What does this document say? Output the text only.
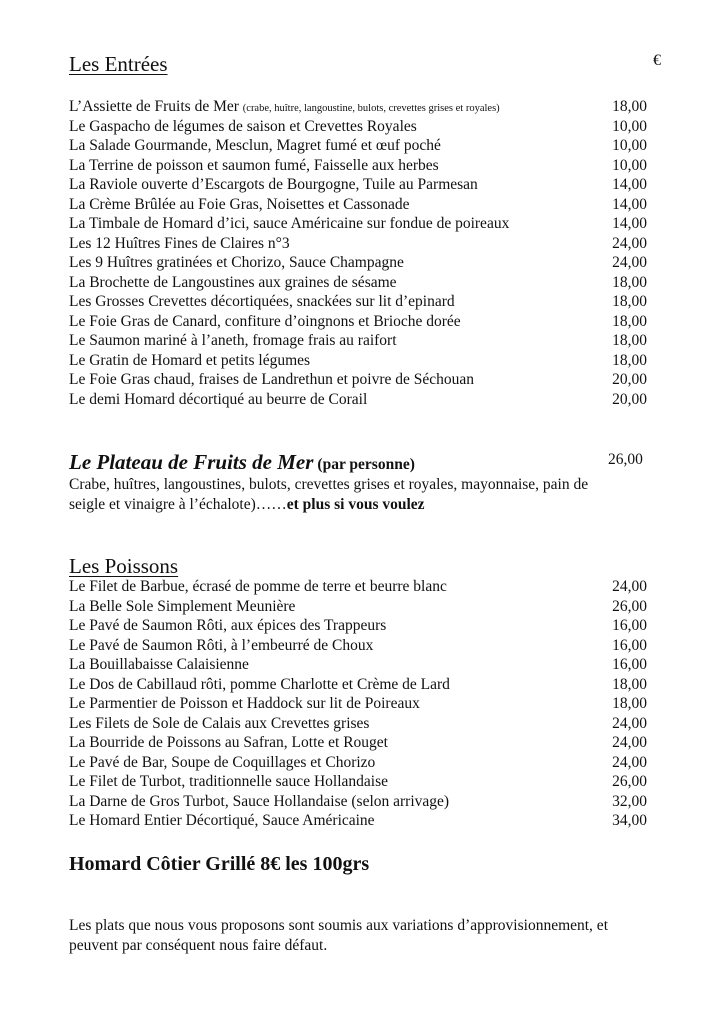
Les Entrées	€
L’Assiette de Fruits de Mer (crabe, huître, langoustine, bulots, crevettes grises et royales)	18,00
Le Gaspacho de légumes de saison et Crevettes Royales	10,00
La Salade Gourmande, Mesclun, Magret fumé et œuf poché	10,00
La Terrine de poisson et saumon fumé, Faisselle aux herbes	10,00
La Raviole ouverte d’Escargots de Bourgogne, Tuile au Parmesan	14,00
La Crème Brûlée au Foie Gras, Noisettes et Cassonade	14,00
La Timbale de Homard d’ici, sauce Américaine sur fondue de poireaux	14,00
Les 12 Huîtres Fines de Claires n°3	24,00
Les 9 Huîtres gratinées et Chorizo, Sauce Champagne	24,00
La Brochette de Langoustines aux graines de sésame	18,00
Les Grosses Crevettes décortiquées, snackées sur lit d’epinard	18,00
Le Foie Gras de Canard, confiture d’oingnons et Brioche dorée	18,00
Le Saumon mariné à l’aneth, fromage frais au raifort	18,00
Le Gratin de Homard et petits légumes	18,00
Le Foie Gras chaud, fraises de Landrethun et poivre de Séchouan	20,00
Le demi Homard décortiqué au beurre de Corail	20,00
Le Plateau de Fruits de Mer (par personne)	26,00
Crabe, huîtres, langoustines, bulots, crevettes grises et royales, mayonnaise, pain de seigle et vinaigre à l’échalote)……et plus si vous voulez
Les Poissons
Le Filet de Barbue, écrasé de pomme de terre et beurre blanc	24,00
La Belle Sole Simplement Meunière	26,00
Le Pavé de Saumon Rôti, aux épices des Trappeurs	16,00
Le Pavé de Saumon Rôti, à l’embeurré de Choux	16,00
La Bouillabaisse Calaisienne	16,00
Le Dos de Cabillaud rôti, pomme Charlotte et Crème de Lard	18,00
Le Parmentier de Poisson et Haddock sur lit de Poireaux	18,00
Les Filets de Sole de Calais aux Crevettes grises	24,00
La Bourride de Poissons au Safran, Lotte et Rouget	24,00
Le Pavé de Bar, Soupe de Coquillages et Chorizo	24,00
Le Filet de Turbot, traditionnelle sauce Hollandaise	26,00
La Darne de Gros Turbot, Sauce Hollandaise (selon arrivage)	32,00
Le Homard Entier Décortiqué, Sauce Américaine	34,00
Homard Côtier Grillé 8€ les 100grs
Les plats que nous vous proposons sont soumis aux variations d’approvisionnement, et peuvent par conséquent nous faire défaut.
